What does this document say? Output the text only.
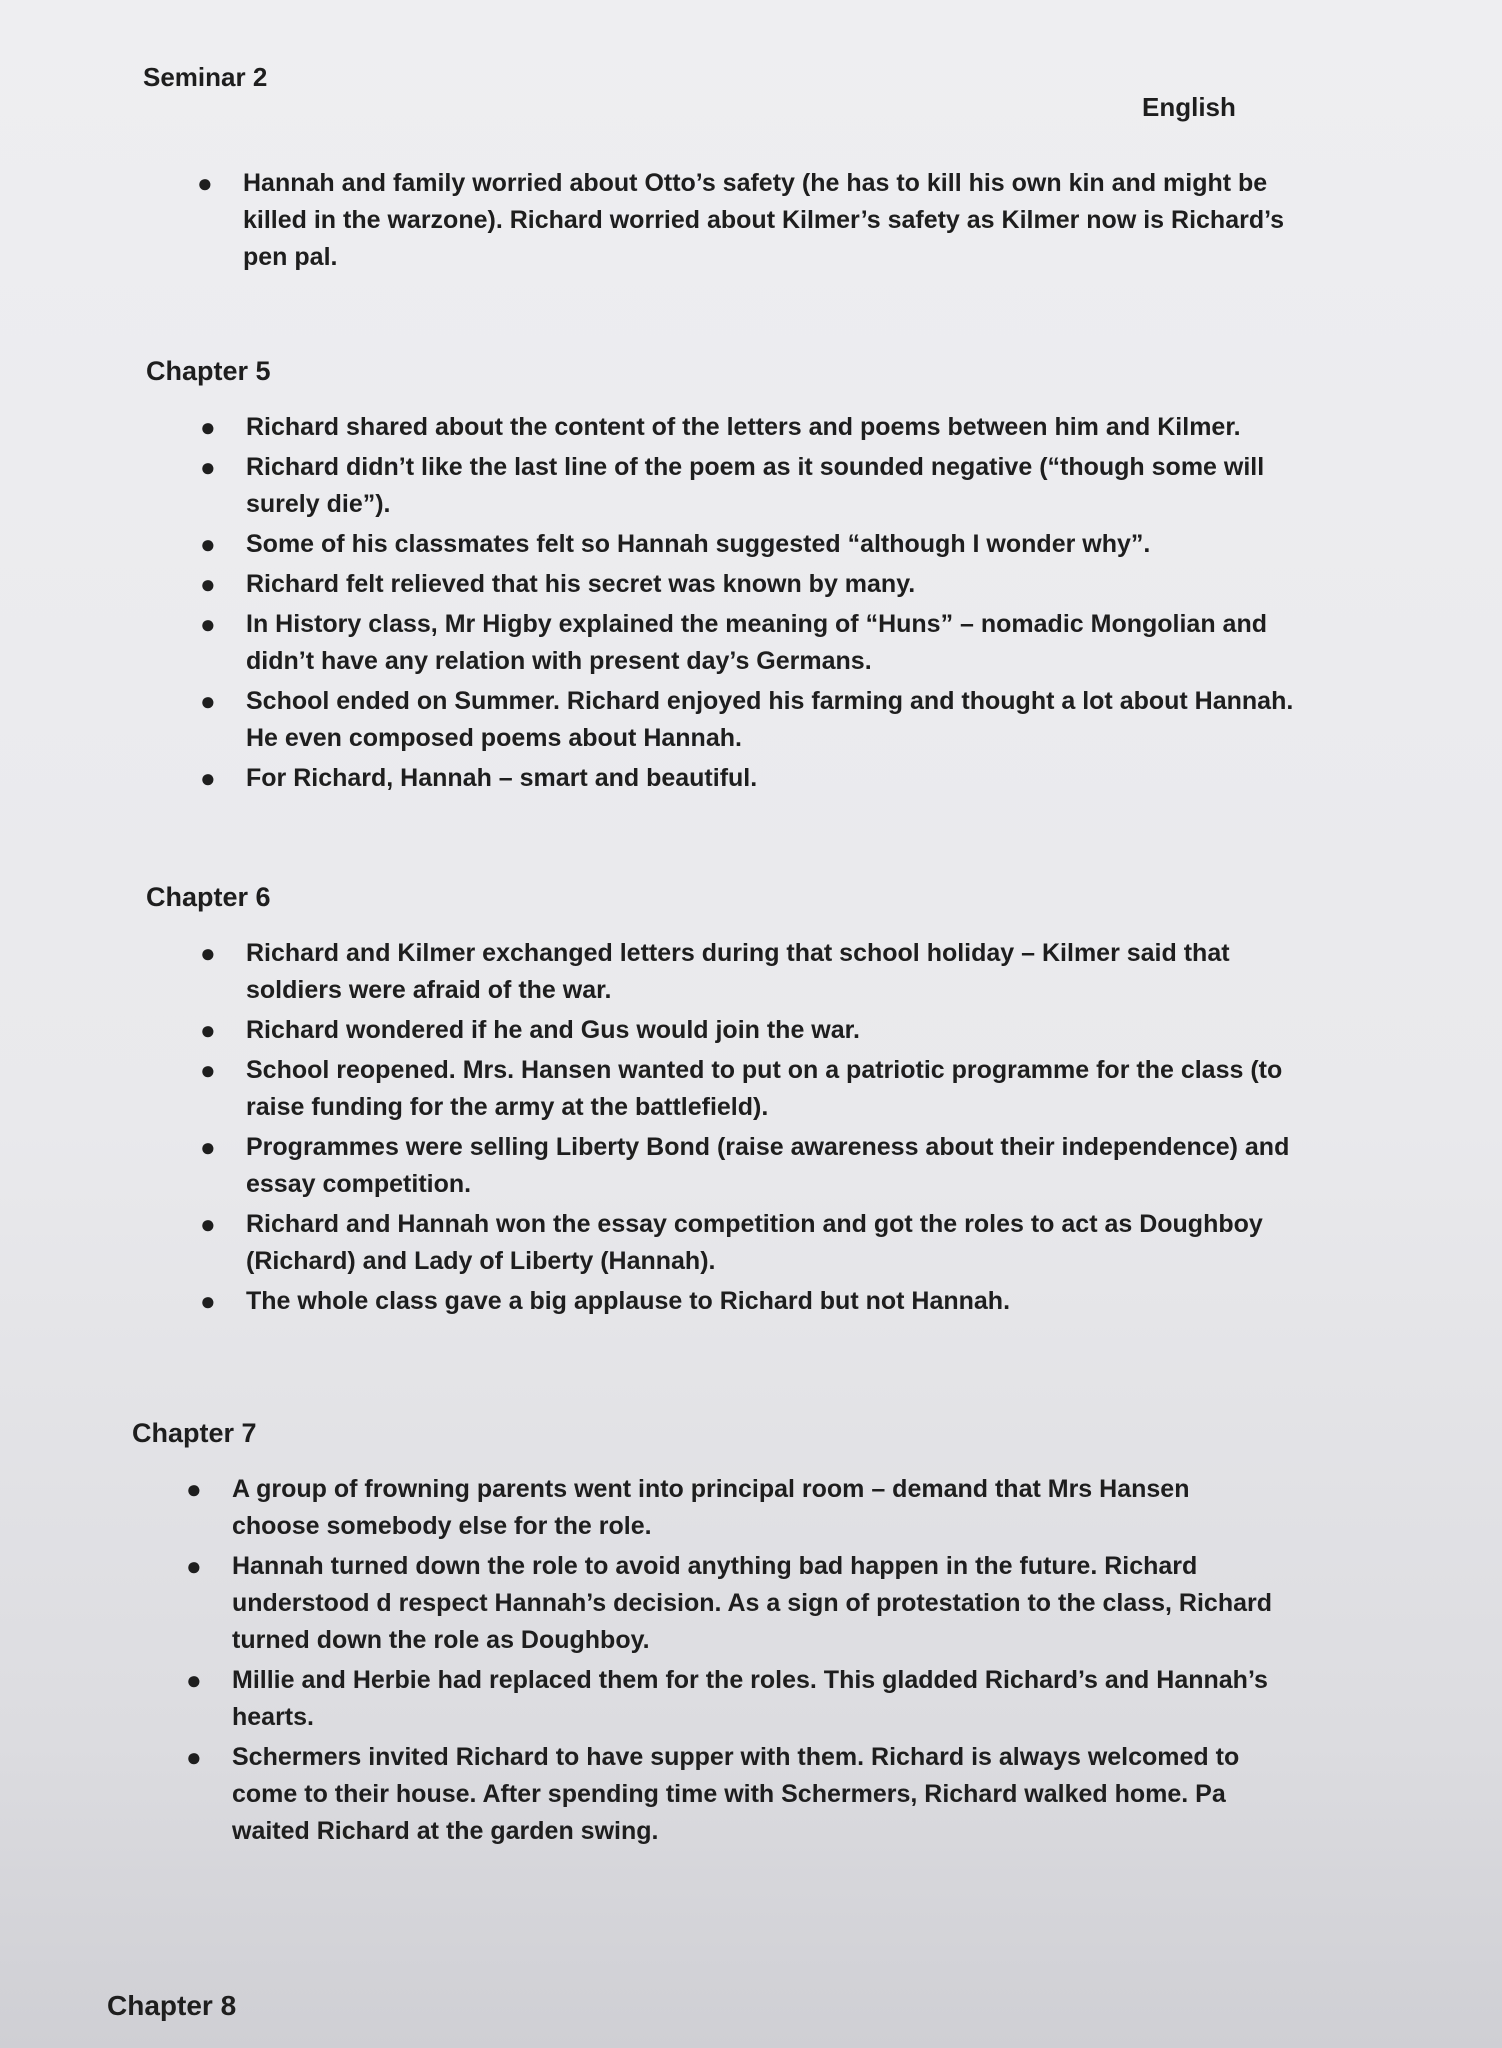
Seminar 2

English

● Hannah and family worried about Otto’s safety (he has to kill his own kin and might be killed in the warzone). Richard worried about Kilmer’s safety as Kilmer now is Richard’s pen pal.
Chapter 5
● Richard shared about the content of the letters and poems between him and Kilmer.
● Richard didn’t like the last line of the poem as it sounded negative (“though some will surely die”).
● Some of his classmates felt so Hannah suggested “although I wonder why”.
● Richard felt relieved that his secret was known by many.
● In History class, Mr Higby explained the meaning of “Huns” – nomadic Mongolian and didn’t have any relation with present day’s Germans.
● School ended on Summer. Richard enjoyed his farming and thought a lot about Hannah. He even composed poems about Hannah.
● For Richard, Hannah – smart and beautiful.
Chapter 6
● Richard and Kilmer exchanged letters during that school holiday – Kilmer said that soldiers were afraid of the war.
● Richard wondered if he and Gus would join the war.
● School reopened. Mrs. Hansen wanted to put on a patriotic programme for the class (to raise funding for the army at the battlefield).
● Programmes were selling Liberty Bond (raise awareness about their independence) and essay competition.
● Richard and Hannah won the essay competition and got the roles to act as Doughboy (Richard) and Lady of Liberty (Hannah).
● The whole class gave a big applause to Richard but not Hannah.
Chapter 7
● A group of frowning parents went into principal room – demand that Mrs Hansen choose somebody else for the role.
● Hannah turned down the role to avoid anything bad happen in the future. Richard understood d respect Hannah’s decision. As a sign of protestation to the class, Richard turned down the role as Doughboy.
● Millie and Herbie had replaced them for the roles. This gladded Richard’s and Hannah’s hearts.
● Schermers invited Richard to have supper with them. Richard is always welcomed to come to their house. After spending time with Schermers, Richard walked home. Pa waited Richard at the garden swing.
Chapter 8
